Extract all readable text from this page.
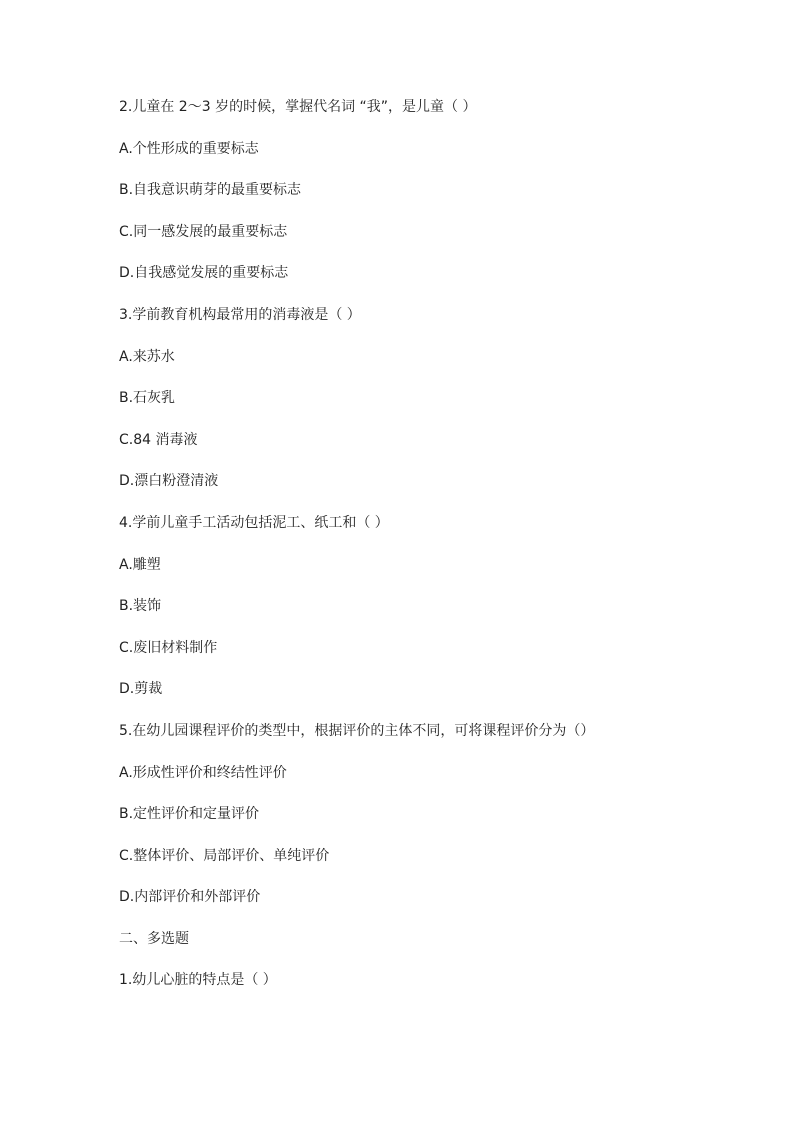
2.儿童在 2～3 岁的时候，掌握代名词 “我”，是儿童（ ）
A.个性形成的重要标志
B.自我意识萌芽的最重要标志
C.同一感发展的最重要标志
D.自我感觉发展的重要标志
3.学前教育机构最常用的消毒液是（ ）
A.来苏水
B.石灰乳
C.84 消毒液
D.漂白粉澄清液
4.学前儿童手工活动包括泥工、纸工和（ ）
A.雕塑
B.装饰
C.废旧材料制作
D.剪裁
5.在幼儿园课程评价的类型中，根据评价的主体不同，可将课程评价分为（）
A.形成性评价和终结性评价
B.定性评价和定量评价
C.整体评价、局部评价、单纯评价
D.内部评价和外部评价
二、多选题
1.幼儿心脏的特点是（ ）
